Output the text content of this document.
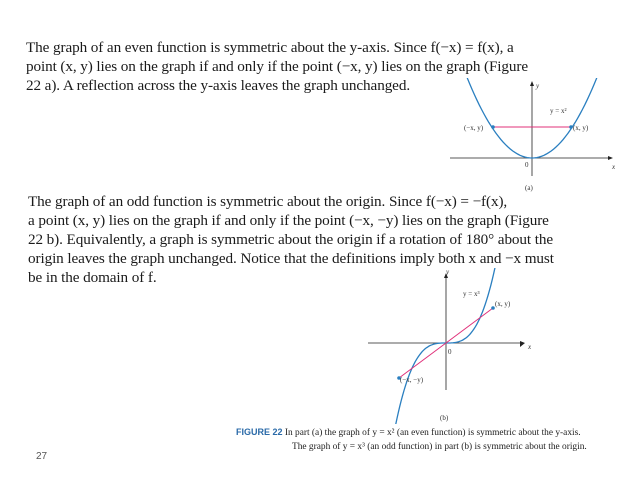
The graph of an even function is symmetric about the y-axis. Since f(−x) = f(x), a
point (x, y) lies on the graph if and only if the point (−x, y) lies on the graph (Figure
22 a). A reflection across the y-axis leaves the graph unchanged.	y
x
0
y = x²
(−x, y)	(x, y)
(a)
The graph of an odd function is symmetric about the origin. Since f(−x) = −f(x),
a point (x, y) lies on the graph if and only if the point (−x, −y) lies on the graph (Figure
22 b). Equivalently, a graph is symmetric about the origin if a rotation of 180° about the
origin leaves the graph unchanged. Notice that the definitions imply both x and −x must
be in the domain of f.	y
x
0
y = x³
(x, y)
(−x, −y)
(b)
FIGURE 22 In part (a) the graph of y = x² (an even function) is symmetric about the y-axis.
The graph of y = x³ (an odd function) in part (b) is symmetric about the origin.
27
